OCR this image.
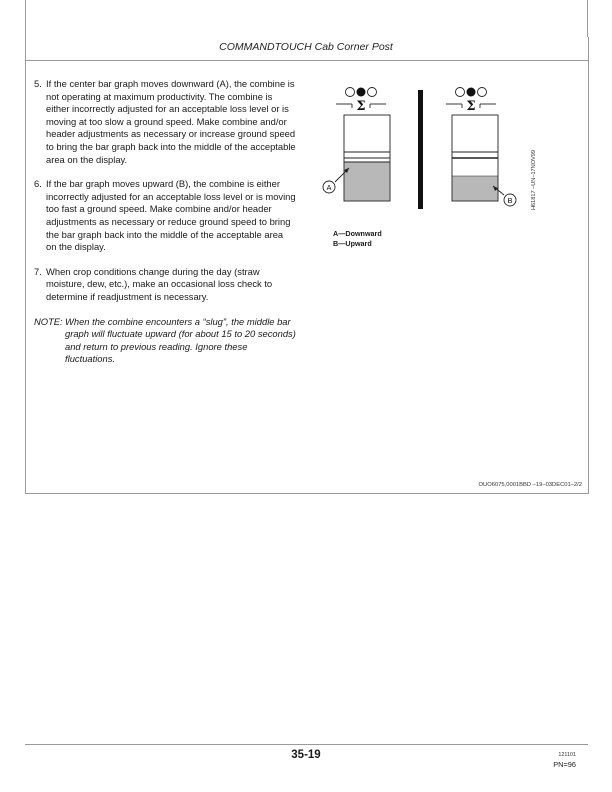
COMMANDTOUCH Cab Corner Post
5. If the center bar graph moves downward (A), the combine is not operating at maximum productivity. The combine is either incorrectly adjusted for an acceptable loss level or is moving at too slow a ground speed. Make combine and/or header adjustments as necessary or increase ground speed to bring the bar graph back into the middle of the acceptable area on the display.
6. If the bar graph moves upward (B), the combine is either incorrectly adjusted for an acceptable loss level or is moving too fast a ground speed. Make combine and/or header adjustments as necessary or reduce ground speed to bring the bar graph back into the middle of the acceptable area on the display.
7. When crop conditions change during the day (straw moisture, dew, etc.), make an occasional loss check to determine if readjustment is necessary.
NOTE: When the combine encounters a “slug”, the middle bar graph will fluctuate upward (for about 15 to 20 seconds) and return to previous reading. Ignore these fluctuations.
Σ
A
Σ
B	H61817 –UN–17NOV99
A—Downward
B—Upward
OUO6075,0001BBD –19–03DEC01–2/2
35-19	121101
PN=96
